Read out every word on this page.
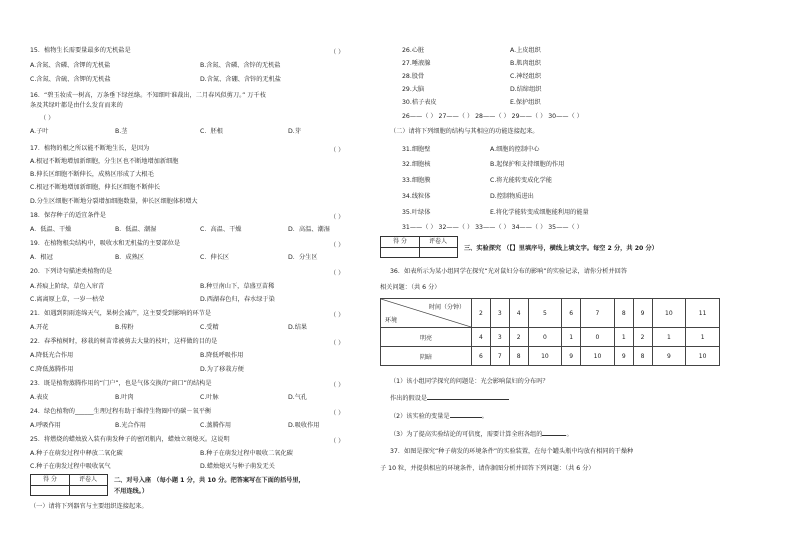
15．植物生长需要量最多的无机盐是	（ ）
A.含氮、含磷、含钾的无机盐	B.含氮、含磷、含锌的无机盐
C.含氮、含硫、含钾的无机盐	D.含氮、含硼、含锌的无机盐
16．“碧玉妆成一树高，万条垂下绿丝绦。不知细叶谁裁出，二月春风似剪刀。” 万千枝
条及其绿叶都是由什么发育而来的
（ ）
A.子叶	B.茎	C．胚根	D.芽
17．植物的根之所以能不断地生长，是因为	（ ）
A.根冠不断地增加新细胞，分生区也不断地增加新细胞
B.伸长区细胞不断伸长，成熟区形成了大根毛
C.根冠不断地增加新细胞，伸长区细胞不断伸长
D.分生区细胞不断地分裂增加细胞数量，伸长区细胞体积增大
18．保存种子的适宜条件是	（ ）
A．低温、干燥	B．低温、潮湿	C．高温、干燥	D．高温、潮湿
19．在植物根尖结构中，吸收水和无机盐的主要部位是	（ ）
A．根冠	B．成熟区	C．伸长区	D．分生区
20．下列诗句描述类植物的是	（ ）
A.苔痕上阶绿，草色入帘青	B.种豆南山下，草盛豆苗稀
C.离离原上草，一岁一枯荣	D.西湖春色归，春水绿于染
21．如遇到阴雨连绵天气，果树会减产，这主要受到影响的环节是	（ ）
A.开花	B.传粉	C.受精	D.结果
22．春季植树时，移栽的树苗常被剪去大量的枝叶，这样做的目的是	（ ）
A.降低光合作用	B.降低呼吸作用
C.降低蒸腾作用	D.为了移栽方便
23．既是植物蒸腾作用的“门户”，也是气体交换的“窗口”的结构是	（ ）
A.表皮	B.叶肉	C.叶脉	D.气孔
24．绿色植物的______生理过程有助于维持生物圈中的碳－氧平衡	（ ）
A.呼吸作用	B.光合作用	C.蒸腾作用	D.吸收作用
25．将燃烧的蜡烛放入装有萌发种子的密闭瓶内，蜡烛立刻熄灭。这说明	（ ）
A.种子在萌发过程中释放二氧化碳	B.种子在萌发过程中吸收二氧化碳
C.种子在萌发过程中吸收氧气	D.蜡烛熄灭与种子萌发无关
得 分	评卷人	二、对号入座 （每小题 1 分，共 10 分。把答案写在下面的括号里，
不用连线。）
（一）请将下列器官与主要组织连接起来。
26.心脏	A.上皮组织
27.唾液腺	B.肌肉组织
28.股骨	C.神经组织
29.大脑	D.结缔组织
30.桔子表皮	E.保护组织
26——（ ） 27——（ ） 28——（ ） 29——（ ） 30——（ ）
（二）请将下列细胞的结构与其相应的功能连接起来。
31.细胞壁	A.细胞的控制中心
32.细胞核	B.起保护和支持细胞的作用
33.细胞膜	C.将光能转变成化学能
34.线粒体	D.控制物质进出
35.叶绿体	E.将化学能转变成细胞能利用的能量
31——（ ） 32——（ ） 33——（ ） 34——（ ） 35——（ ）
得 分	评卷人
三、实验探究 （【】里填序号，横线上填文字。每空 2 分，共 20 分）
36．如表所示为某小组同学在探究“光对鼠妇分布的影响”的实验记录，请你分析并回答
相关问题：（共 6 分）
时间（分钟）
环境	2	3	4	5	6	7	8	9	10	11
明亮	4	3	2	0	1	0	1	2	1	1
阴暗	6	7	8	10	9	10	9	8	9	10
（1）该小组同学探究的问题是：光会影响鼠妇的分布吗？
作出的假设是
（2）该实验的变量是	。
（3）为了提高实验结论的可信度，需要计算全班各组的	。
37．如图是探究“种子萌发的环境条件”的实验装置，在每个罐头瓶中均放有相同的干燥种
子 10 粒，并提供相应的环境条件，请你据图分析并回答下列问题：（共 6 分）
